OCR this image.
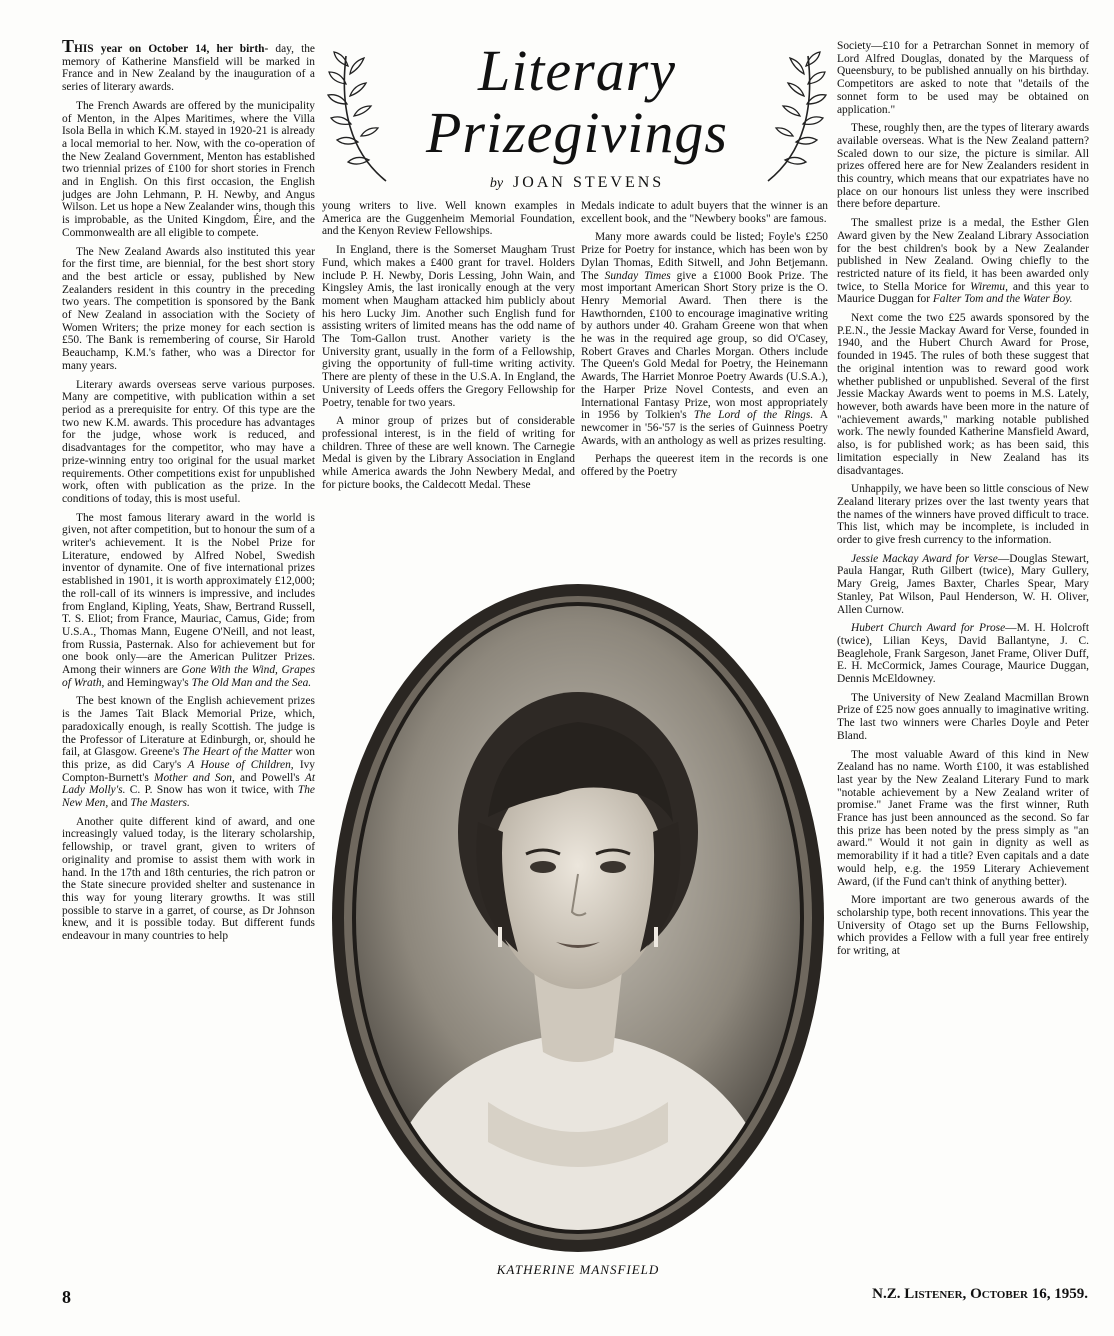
Literary
Prizegivings
by JOAN STEVENS

THIS year on October 14, her birth- day, the memory of Katherine Mansfield will be marked in France and in New Zealand by the inauguration of a series of literary awards.

The French Awards are offered by the municipality of Menton, in the Alpes Maritimes, where the Villa Isola Bella in which K.M. stayed in 1920-21 is already a local memorial to her. Now, with the co-operation of the New Zealand Government, Menton has established two triennial prizes of £100 for short stories in French and in English. On this first occasion, the English judges are John Lehmann, P. H. Newby, and Angus Wilson. Let us hope a New Zealander wins, though this is improbable, as the United Kingdom, Éire, and the Commonwealth are all eligible to compete.

The New Zealand Awards also instituted this year for the first time, are biennial, for the best short story and the best article or essay, published by New Zealanders resident in this country in the preceding two years. The competition is sponsored by the Bank of New Zealand in association with the Society of Women Writers; the prize money for each section is £50. The Bank is remembering of course, Sir Harold Beauchamp, K.M.'s father, who was a Director for many years.

Literary awards overseas serve various purposes. Many are competitive, with publication within a set period as a prerequisite for entry. Of this type are the two new K.M. awards. This procedure has advantages for the judge, whose work is reduced, and disadvantages for the competitor, who may have a prize-winning entry too original for the usual market requirements. Other competitions exist for unpublished work, often with publication as the prize. In the conditions of today, this is most useful.

The most famous literary award in the world is given, not after competition, but to honour the sum of a writer's achievement. It is the Nobel Prize for Literature, endowed by Alfred Nobel, Swedish inventor of dynamite. One of five international prizes established in 1901, it is worth approximately £12,000; the roll-call of its winners is impressive, and includes from England, Kipling, Yeats, Shaw, Bertrand Russell, T. S. Eliot; from France, Mauriac, Camus, Gide; from U.S.A., Thomas Mann, Eugene O'Neill, and not least, from Russia, Pasternak. Also for achievement but for one book only—are the American Pulitzer Prizes. Among their winners are Gone With the Wind, Grapes of Wrath, and Hemingway's The Old Man and the Sea.

The best known of the English achievement prizes is the James Tait Black Memorial Prize, which, paradoxically enough, is really Scottish. The judge is the Professor of Literature at Edinburgh, or, should he fail, at Glasgow. Greene's The Heart of the Matter won this prize, as did Cary's A House of Children, Ivy Compton-Burnett's Mother and Son, and Powell's At Lady Molly's. C. P. Snow has won it twice, with The New Men, and The Masters.

Another quite different kind of award, and one increasingly valued today, is the literary scholarship, fellowship, or travel grant, given to writers of originality and promise to assist them with work in hand. In the 17th and 18th centuries, the rich patron or the State sinecure provided shelter and sustenance in this way for young literary growths. It was still possible to starve in a garret, of course, as Dr Johnson knew, and it is possible today. But different funds endeavour in many countries to help

young writers to live. Well known examples in America are the Guggenheim Memorial Foundation, and the Kenyon Review Fellowships.

In England, there is the Somerset Maugham Trust Fund, which makes a £400 grant for travel. Holders include P. H. Newby, Doris Lessing, John Wain, and Kingsley Amis, the last ironically enough at the very moment when Maugham attacked him publicly about his hero Lucky Jim. Another such English fund for assisting writers of limited means has the odd name of The Tom-Gallon trust. Another variety is the University grant, usually in the form of a Fellowship, giving the opportunity of full-time writing activity. There are plenty of these in the U.S.A. In England, the University of Leeds offers the Gregory Fellowship for Poetry, tenable for two years.

A minor group of prizes but of considerable professional interest, is in the field of writing for children. Three of these are well known. The Carnegie Medal is given by the Library Association in England while America awards the John Newbery Medal, and for picture books, the Caldecott Medal. These

Medals indicate to adult buyers that the winner is an excellent book, and the "Newbery books" are famous.

Many more awards could be listed; Foyle's £250 Prize for Poetry for instance, which has been won by Dylan Thomas, Edith Sitwell, and John Betjemann. The Sunday Times give a £1000 Book Prize. The most important American Short Story prize is the O. Henry Memorial Award. Then there is the Hawthornden, £100 to encourage imaginative writing by authors under 40. Graham Greene won that when he was in the required age group, so did O'Casey, Robert Graves and Charles Morgan. Others include The Queen's Gold Medal for Poetry, the Heinemann Awards, The Harriet Monroe Poetry Awards (U.S.A.), the Harper Prize Novel Contests, and even an International Fantasy Prize, won most appropriately in 1956 by Tolkien's The Lord of the Rings. A newcomer in '56-'57 is the series of Guinness Poetry Awards, with an anthology as well as prizes resulting.

Perhaps the queerest item in the records is one offered by the Poetry

Society—£10 for a Petrarchan Sonnet in memory of Lord Alfred Douglas, donated by the Marquess of Queensbury, to be published annually on his birthday. Competitors are asked to note that "details of the sonnet form to be used may be obtained on application."

These, roughly then, are the types of literary awards available overseas. What is the New Zealand pattern? Scaled down to our size, the picture is similar. All prizes offered here are for New Zealanders resident in this country, which means that our expatriates have no place on our honours list unless they were inscribed there before departure.

The smallest prize is a medal, the Esther Glen Award given by the New Zealand Library Association for the best children's book by a New Zealander published in New Zealand. Owing chiefly to the restricted nature of its field, it has been awarded only twice, to Stella Morice for Wiremu, and this year to Maurice Duggan for Falter Tom and the Water Boy.

Next come the two £25 awards sponsored by the P.E.N., the Jessie Mackay Award for Verse, founded in 1940, and the Hubert Church Award for Prose, founded in 1945. The rules of both these suggest that the original intention was to reward good work whether published or unpublished. Several of the first Jessie Mackay Awards went to poems in M.S. Lately, however, both awards have been more in the nature of "achievement awards," marking notable published work. The newly founded Katherine Mansfield Award, also, is for published work; as has been said, this limitation especially in New Zealand has its disadvantages.

Unhappily, we have been so little conscious of New Zealand literary prizes over the last twenty years that the names of the winners have proved difficult to trace. This list, which may be incomplete, is included in order to give fresh currency to the information.

Jessie Mackay Award for Verse—Douglas Stewart, Paula Hangar, Ruth Gilbert (twice), Mary Gullery, Mary Greig, James Baxter, Charles Spear, Mary Stanley, Pat Wilson, Paul Henderson, W. H. Oliver, Allen Curnow.

Hubert Church Award for Prose—M. H. Holcroft (twice), Lilian Keys, David Ballantyne, J. C. Beaglehole, Frank Sargeson, Janet Frame, Oliver Duff, E. H. McCormick, James Courage, Maurice Duggan, Dennis McEldowney.

The University of New Zealand Macmillan Brown Prize of £25 now goes annually to imaginative writing. The last two winners were Charles Doyle and Peter Bland.

The most valuable Award of this kind in New Zealand has no name. Worth £100, it was established last year by the New Zealand Literary Fund to mark "notable achievement by a New Zealand writer of promise." Janet Frame was the first winner, Ruth France has just been announced as the second. So far this prize has been noted by the press simply as "an award." Would it not gain in dignity as well as memorability if it had a title? Even capitals and a date would help, e.g. the 1959 Literary Achievement Award, (if the Fund can't think of anything better).

More important are two generous awards of the scholarship type, both recent innovations. This year the University of Otago set up the Burns Fellowship, which provides a Fellow with a full year free entirely for writing, at

KATHERINE MANSFIELD
8	N.Z. Listener, October 16, 1959.
